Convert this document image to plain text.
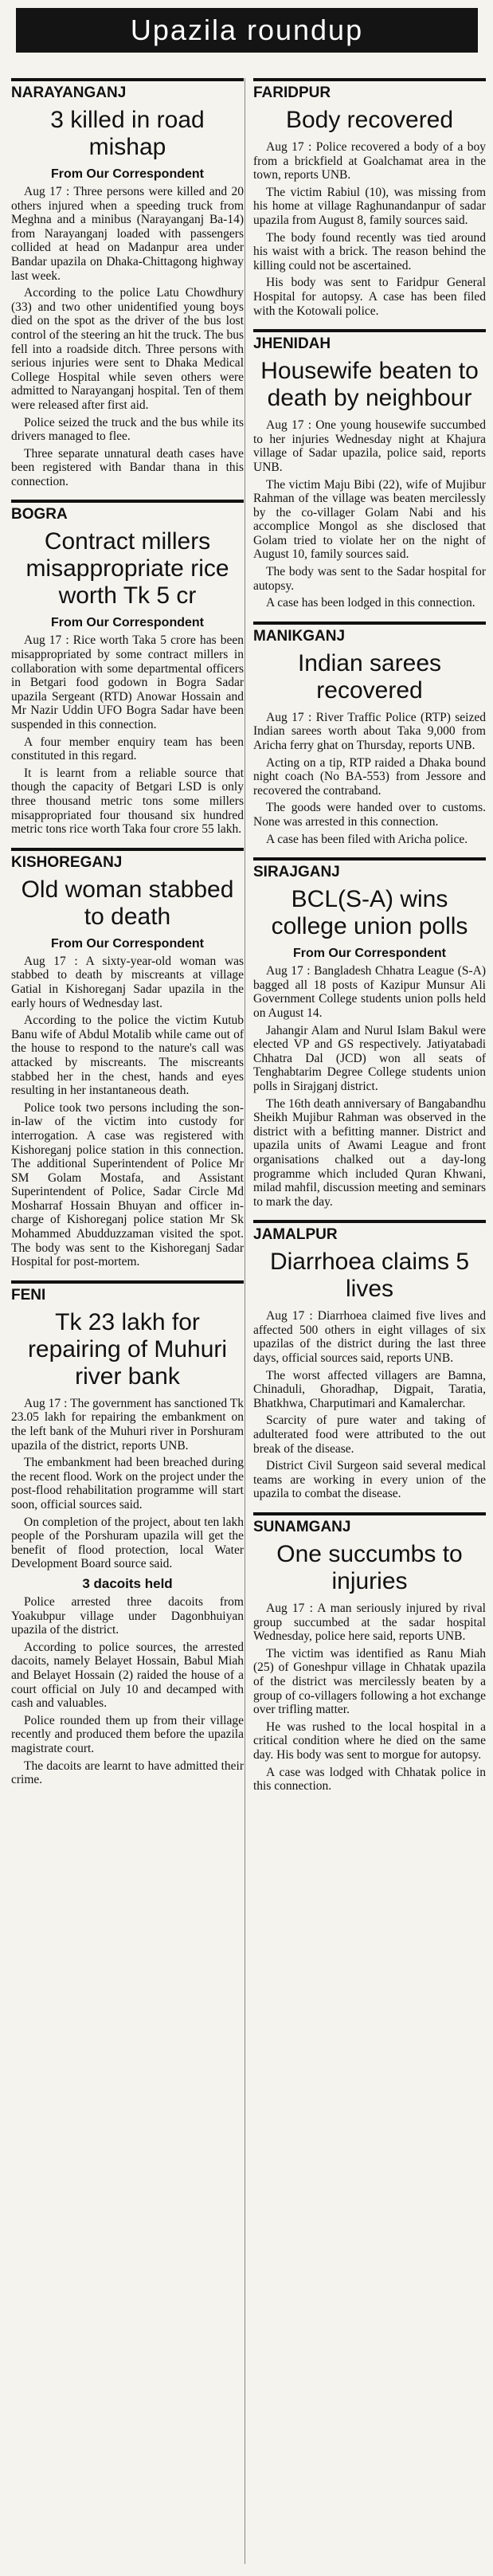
Upazila roundup
NARAYANGANJ
3 killed in road mishap
From Our Correspondent

Aug 17 : Three persons were killed and 20 others injured when a speeding truck from Meghna and a minibus (Narayanganj Ba-14) from Narayanganj loaded with passengers collided at head on Madanpur area under Bandar upazila on Dhaka-Chittagong highway last week.

According to the police Latu Chowdhury (33) and two other unidentified young boys died on the spot as the driver of the bus lost control of the steering an hit the truck. The bus fell into a roadside ditch. Three persons with serious injuries were sent to Dhaka Medical College Hospital while seven others were admitted to Narayanganj hospital. Ten of them were released after first aid.

Police seized the truck and the bus while its drivers managed to flee.

Three separate unnatural death cases have been registered with Bandar thana in this connection.

BOGRA
Contract millers misappropriate rice worth Tk 5 cr
From Our Correspondent

Aug 17 : Rice worth Taka 5 crore has been misappropriated by some contract millers in collaboration with some departmental officers in Betgari food godown in Bogra Sadar upazila Sergeant (RTD) Anowar Hossain and Mr Nazir Uddin UFO Bogra Sadar have been suspended in this connection.

A four member enquiry team has been constituted in this regard.

It is learnt from a reliable source that though the capacity of Betgari LSD is only three thousand metric tons some millers misappropriated four thousand six hundred metric tons rice worth Taka four crore 55 lakh.

KISHOREGANJ
Old woman stabbed to death
From Our Correspondent

Aug 17 : A sixty-year-old woman was stabbed to death by miscreants at village Gatial in Kishoreganj Sadar upazila in the early hours of Wednesday last.

According to the police the victim Kutub Banu wife of Abdul Motalib while came out of the house to respond to the nature's call was attacked by miscreants. The miscreants stabbed her in the chest, hands and eyes resulting in her instantaneous death.

Police took two persons including the son-in-law of the victim into custody for interrogation. A case was registered with Kishoreganj police station in this connection. The additional Superintendent of Police Mr SM Golam Mostafa, and Assistant Superintendent of Police, Sadar Circle Md Mosharraf Hossain Bhuyan and officer in-charge of Kishoreganj police station Mr Sk Mohammed Abudduzzaman visited the spot. The body was sent to the Kishoreganj Sadar Hospital for post-mortem.

FENI
Tk 23 lakh for repairing of Muhuri river bank

Aug 17 : The government has sanctioned Tk 23.05 lakh for repairing the embankment on the left bank of the Muhuri river in Porshuram upazila of the district, reports UNB.

The embankment had been breached during the recent flood. Work on the project under the post-flood rehabilitation programme will start soon, official sources said.

On completion of the project, about ten lakh people of the Porshuram upazila will get the benefit of flood protection, local Water Development Board source said.

3 dacoits held

Police arrested three dacoits from Yoakubpur village under Dagonbhuiyan upazila of the district.

According to police sources, the arrested dacoits, namely Belayet Hossain, Babul Miah and Belayet Hossain (2) raided the house of a court official on July 10 and decamped with cash and valuables.

Police rounded them up from their village recently and produced them before the upazila magistrate court.

The dacoits are learnt to have admitted their crime.

FARIDPUR
Body recovered

Aug 17 : Police recovered a body of a boy from a brickfield at Goalchamat area in the town, reports UNB.

The victim Rabiul (10), was missing from his home at village Raghunandanpur of sadar upazila from August 8, family sources said.

The body found recently was tied around his waist with a brick. The reason behind the killing could not be ascertained.

His body was sent to Faridpur General Hospital for autopsy. A case has been filed with the Kotowali police.

JHENIDAH
Housewife beaten to death by neighbour

Aug 17 : One young housewife succumbed to her injuries Wednesday night at Khajura village of Sadar upazila, police said, reports UNB.

The victim Maju Bibi (22), wife of Mujibur Rahman of the village was beaten mercilessly by the co-villager Golam Nabi and his accomplice Mongol as she disclosed that Golam tried to violate her on the night of August 10, family sources said.

The body was sent to the Sadar hospital for autopsy.

A case has been lodged in this connection.

MANIKGANJ
Indian sarees recovered

Aug 17 : River Traffic Police (RTP) seized Indian sarees worth about Taka 9,000 from Aricha ferry ghat on Thursday, reports UNB.

Acting on a tip, RTP raided a Dhaka bound night coach (No BA-553) from Jessore and recovered the contraband.

The goods were handed over to customs. None was arrested in this connection.

A case has been filed with Aricha police.

SIRAJGANJ
BCL(S-A) wins college union polls
From Our Correspondent

Aug 17 : Bangladesh Chhatra League (S-A) bagged all 18 posts of Kazipur Munsur Ali Government College students union polls held on August 14.

Jahangir Alam and Nurul Islam Bakul were elected VP and GS respectively. Jatiyatabadi Chhatra Dal (JCD) won all seats of Tenghabtarim Degree College students union polls in Sirajganj district.

The 16th death anniversary of Bangabandhu Sheikh Mujibur Rahman was observed in the district with a befitting manner. District and upazila units of Awami League and front organisations chalked out a day-long programme which included Quran Khwani, milad mahfil, discussion meeting and seminars to mark the day.

JAMALPUR
Diarrhoea claims 5 lives

Aug 17 : Diarrhoea claimed five lives and affected 500 others in eight villages of six upazilas of the district during the last three days, official sources said, reports UNB.

The worst affected villagers are Bamna, Chinaduli, Ghoradhap, Digpait, Taratia, Bhatkhwa, Charputimari and Kamalerchar.

Scarcity of pure water and taking of adulterated food were attributed to the out break of the disease.

District Civil Surgeon said several medical teams are working in every union of the upazila to combat the disease.

SUNAMGANJ
One succumbs to injuries

Aug 17 : A man seriously injured by rival group succumbed at the sadar hospital Wednesday, police here said, reports UNB.

The victim was identified as Ranu Miah (25) of Goneshpur village in Chhatak upazila of the district was mercilessly beaten by a group of co-villagers following a hot exchange over trifling matter.

He was rushed to the local hospital in a critical condition where he died on the same day. His body was sent to morgue for autopsy.

A case was lodged with Chhatak police in this connection.
